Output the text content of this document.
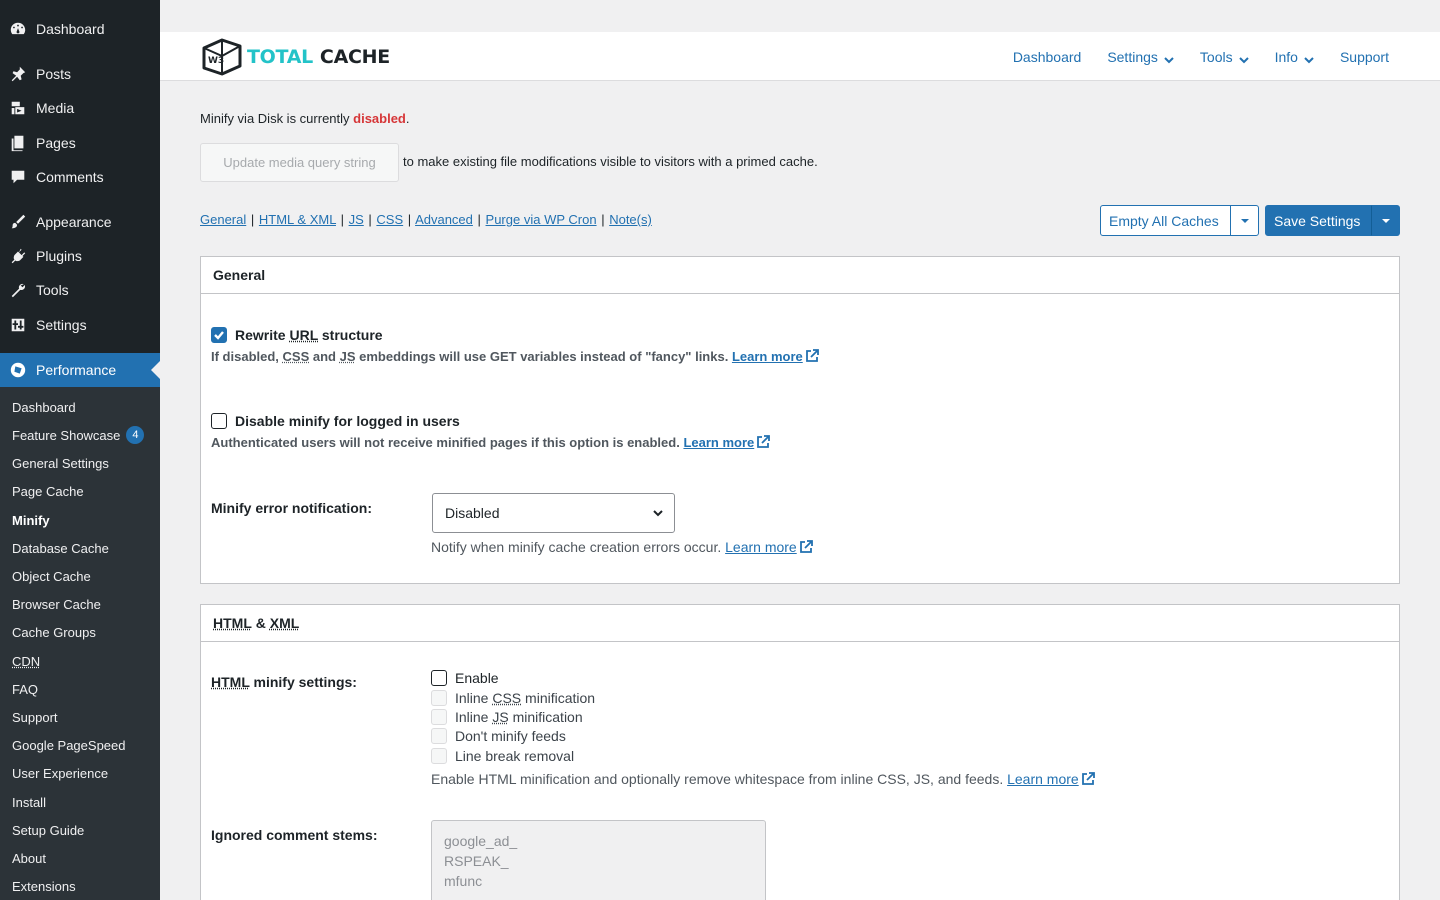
Dashboard
Posts
Media
Pages
Comments
Appearance
Plugins
Tools
Settings
Performance
Dashboard
Feature Showcase	4
General Settings
Page Cache
Minify
Database Cache
Object Cache
Browser Cache
Cache Groups
CDN
FAQ
Support
Google PageSpeed
User Experience
Install
Setup Guide
About
Extensions
W3 TOTAL CACHE	Dashboard Settings	Tools	Info	Support
Minify via Disk is currently disabled.
Update media query string	to make existing file modifications visible to visitors with a primed cache.
General | HTML & XML | JS | CSS | Advanced | Purge via WP Cron | Note(s)	Empty All Caches	Save Settings
General
Rewrite URL structure
If disabled, CSS and JS embeddings will use GET variables instead of "fancy" links. Learn more
Disable minify for logged in users
Authenticated users will not receive minified pages if this option is enabled. Learn more
Minify error notification:	Disabled
Notify when minify cache creation errors occur. Learn more
HTML & XML
HTML minify settings:	Enable
Inline CSS minification
Inline JS minification
Don't minify feeds
Line break removal
Enable HTML minification and optionally remove whitespace from inline CSS, JS, and feeds. Learn more
Ignored comment stems:	google_ad_
RSPEAK_
mfunc
